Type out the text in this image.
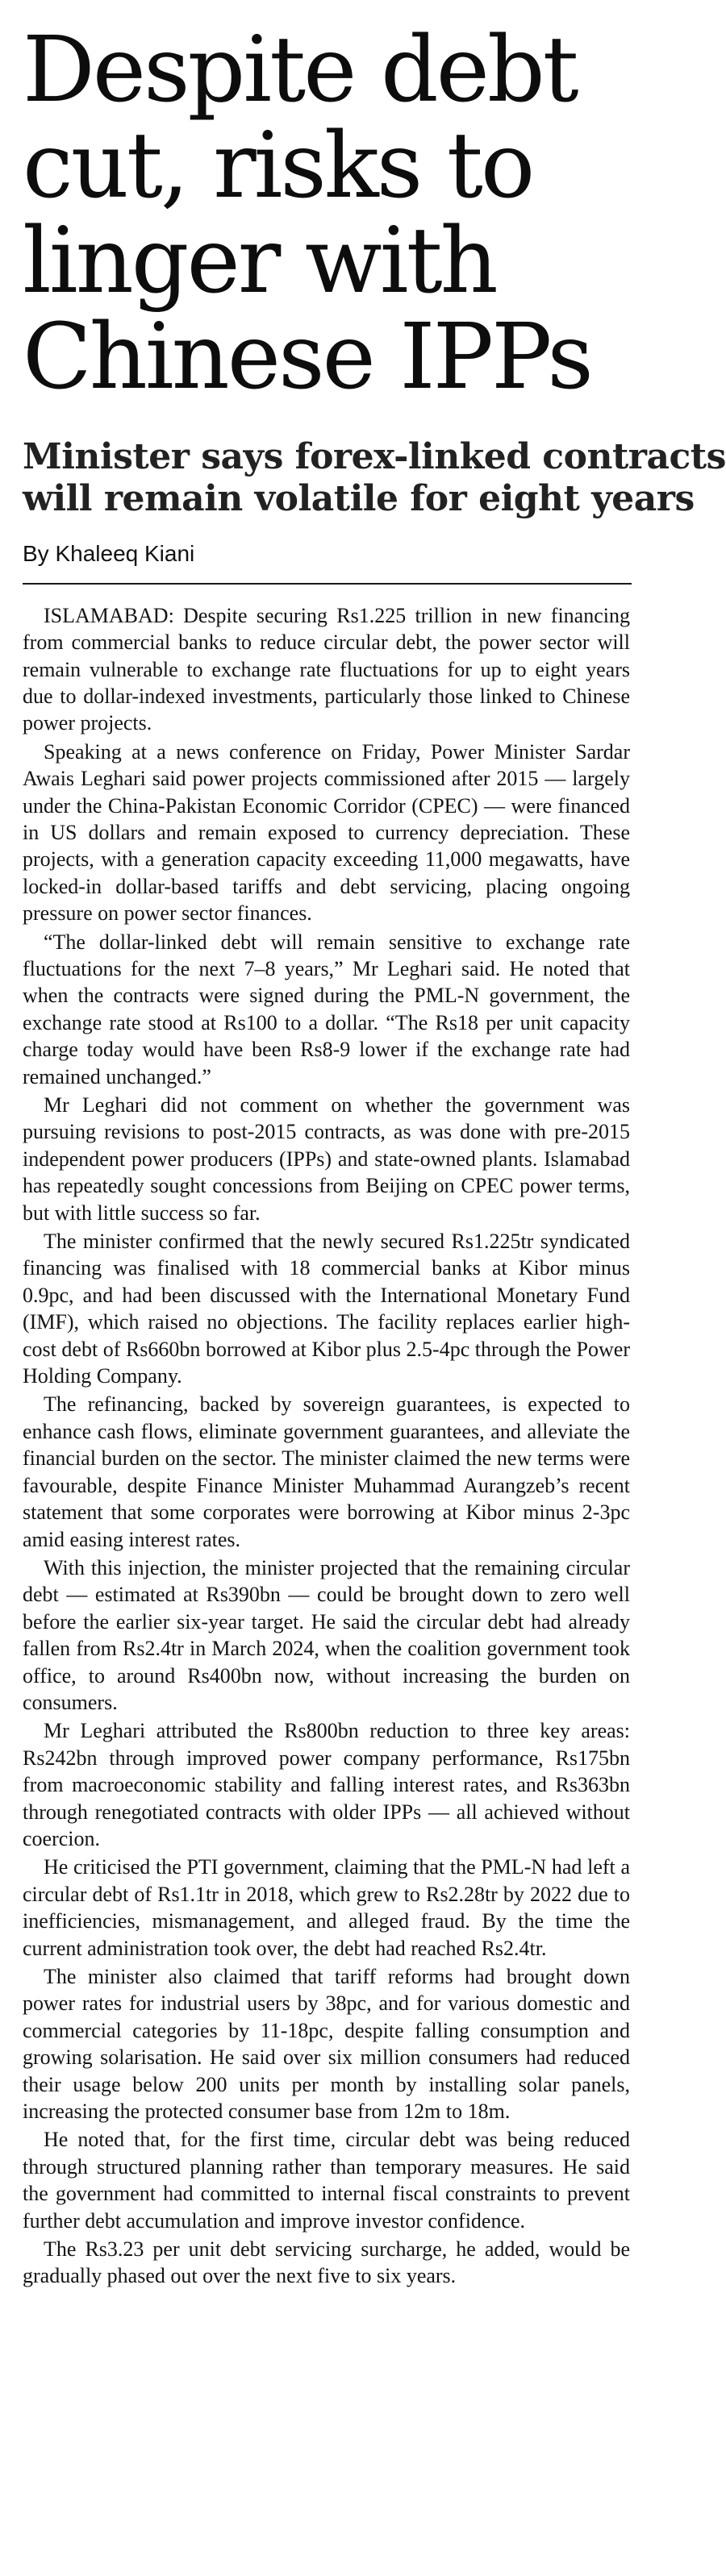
Despite debt
cut, risks to
linger with
Chinese IPPs
Minister says forex-linked contracts
will remain volatile for eight years
By Khaleeq Kiani

ISLAMABAD: Despite securing Rs1.225 trillion in new financing from commercial banks to reduce circular debt, the power sector will remain vulnerable to exchange rate fluctuations for up to eight years due to dollar-indexed investments, particularly those linked to Chinese power projects.

Speaking at a news conference on Friday, Power Minister Sardar Awais Leghari said power projects commissioned after 2015 — largely under the China-Pakistan Economic Corridor (CPEC) — were financed in US dollars and remain exposed to currency depreciation. These projects, with a generation capacity exceeding 11,000 megawatts, have locked-in dollar-based tariffs and debt servicing, placing ongoing pressure on power sector finances.

“The dollar-linked debt will remain sensitive to exchange rate fluctuations for the next 7–8 years,” Mr Leghari said. He noted that when the contracts were signed during the PML-N government, the exchange rate stood at Rs100 to a dollar. “The Rs18 per unit capacity charge today would have been Rs8-9 lower if the exchange rate had remained unchanged.”

Mr Leghari did not comment on whether the government was pursuing revisions to post-2015 contracts, as was done with pre-2015 independent power producers (IPPs) and state-owned plants. Islamabad has repeatedly sought concessions from Beijing on CPEC power terms, but with little success so far.

The minister confirmed that the newly secured Rs1.225tr syndicated financing was finalised with 18 commercial banks at Kibor minus 0.9pc, and had been discussed with the International Monetary Fund (IMF), which raised no objections. The facility replaces earlier high-cost debt of Rs660bn borrowed at Kibor plus 2.5-4pc through the Power Holding Company.

The refinancing, backed by sovereign guarantees, is expected to enhance cash flows, eliminate government guarantees, and alleviate the financial burden on the sector. The minister claimed the new terms were favourable, despite Finance Minister Muhammad Aurangzeb’s recent statement that some corporates were borrowing at Kibor minus 2-3pc amid easing interest rates.

With this injection, the minister projected that the remaining circular debt — estimated at Rs390bn — could be brought down to zero well before the earlier six-year target. He said the circular debt had already fallen from Rs2.4tr in March 2024, when the coalition government took office, to around Rs400bn now, without increasing the burden on consumers.

Mr Leghari attributed the Rs800bn reduction to three key areas: Rs242bn through improved power company performance, Rs175bn from macroeconomic stability and falling interest rates, and Rs363bn through renegotiated contracts with older IPPs — all achieved without coercion.

He criticised the PTI government, claiming that the PML-N had left a circular debt of Rs1.1tr in 2018, which grew to Rs2.28tr by 2022 due to inefficiencies, mismanagement, and alleged fraud. By the time the current administration took over, the debt had reached Rs2.4tr.

The minister also claimed that tariff reforms had brought down power rates for industrial users by 38pc, and for various domestic and commercial categories by 11-18pc, despite falling consumption and growing solarisation. He said over six million consumers had reduced their usage below 200 units per month by installing solar panels, increasing the protected consumer base from 12m to 18m.

He noted that, for the first time, circular debt was being reduced through structured planning rather than temporary measures. He said the government had committed to internal fiscal constraints to prevent further debt accumulation and improve investor confidence.

The Rs3.23 per unit debt servicing surcharge, he added, would be gradually phased out over the next five to six years.
